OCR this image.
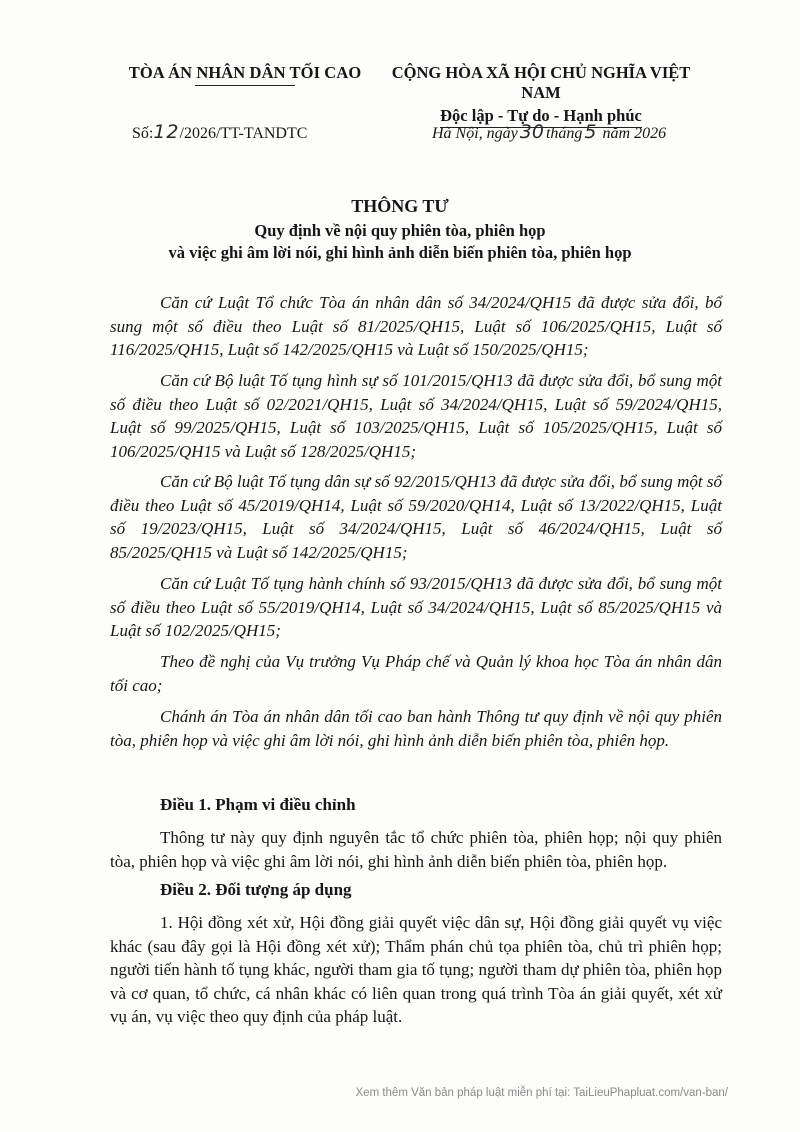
TÒA ÁN NHÂN DÂN TỐI CAO	CỘNG HÒA XÃ HỘI CHỦ NGHĨA VIỆT NAM
Độc lập - Tự do - Hạnh phúc
Số:12/2026/TT-TANDTC	Hà Nội, ngày 30 tháng 5 năm 2026
THÔNG TƯ
Quy định về nội quy phiên tòa, phiên họp
và việc ghi âm lời nói, ghi hình ảnh diễn biến phiên tòa, phiên họp
Căn cứ Luật Tổ chức Tòa án nhân dân số 34/2024/QH15 đã được sửa đổi, bổ sung một số điều theo Luật số 81/2025/QH15, Luật số 106/2025/QH15, Luật số 116/2025/QH15, Luật số 142/2025/QH15 và Luật số 150/2025/QH15;
Căn cứ Bộ luật Tố tụng hình sự số 101/2015/QH13 đã được sửa đổi, bổ sung một số điều theo Luật số 02/2021/QH15, Luật số 34/2024/QH15, Luật số 59/2024/QH15, Luật số 99/2025/QH15, Luật số 103/2025/QH15, Luật số 105/2025/QH15, Luật số 106/2025/QH15 và Luật số 128/2025/QH15;
Căn cứ Bộ luật Tố tụng dân sự số 92/2015/QH13 đã được sửa đổi, bổ sung một số điều theo Luật số 45/2019/QH14, Luật số 59/2020/QH14, Luật số 13/2022/QH15, Luật số 19/2023/QH15, Luật số 34/2024/QH15, Luật số 46/2024/QH15, Luật số 85/2025/QH15 và Luật số 142/2025/QH15;
Căn cứ Luật Tố tụng hành chính số 93/2015/QH13 đã được sửa đổi, bổ sung một số điều theo Luật số 55/2019/QH14, Luật số 34/2024/QH15, Luật số 85/2025/QH15 và Luật số 102/2025/QH15;
Theo đề nghị của Vụ trưởng Vụ Pháp chế và Quản lý khoa học Tòa án nhân dân tối cao;
Chánh án Tòa án nhân dân tối cao ban hành Thông tư quy định về nội quy phiên tòa, phiên họp và việc ghi âm lời nói, ghi hình ảnh diễn biến phiên tòa, phiên họp.
Điều 1. Phạm vi điều chỉnh
Thông tư này quy định nguyên tắc tổ chức phiên tòa, phiên họp; nội quy phiên tòa, phiên họp và việc ghi âm lời nói, ghi hình ảnh diễn biến phiên tòa, phiên họp.
Điều 2. Đối tượng áp dụng
1. Hội đồng xét xử, Hội đồng giải quyết việc dân sự, Hội đồng giải quyết vụ việc khác (sau đây gọi là Hội đồng xét xử); Thẩm phán chủ tọa phiên tòa, chủ trì phiên họp; người tiến hành tố tụng khác, người tham gia tố tụng; người tham dự phiên tòa, phiên họp và cơ quan, tổ chức, cá nhân khác có liên quan trong quá trình Tòa án giải quyết, xét xử vụ án, vụ việc theo quy định của pháp luật.
Xem thêm Văn bản pháp luật miễn phí tại: TaiLieuPhapluat.com/van-ban/
